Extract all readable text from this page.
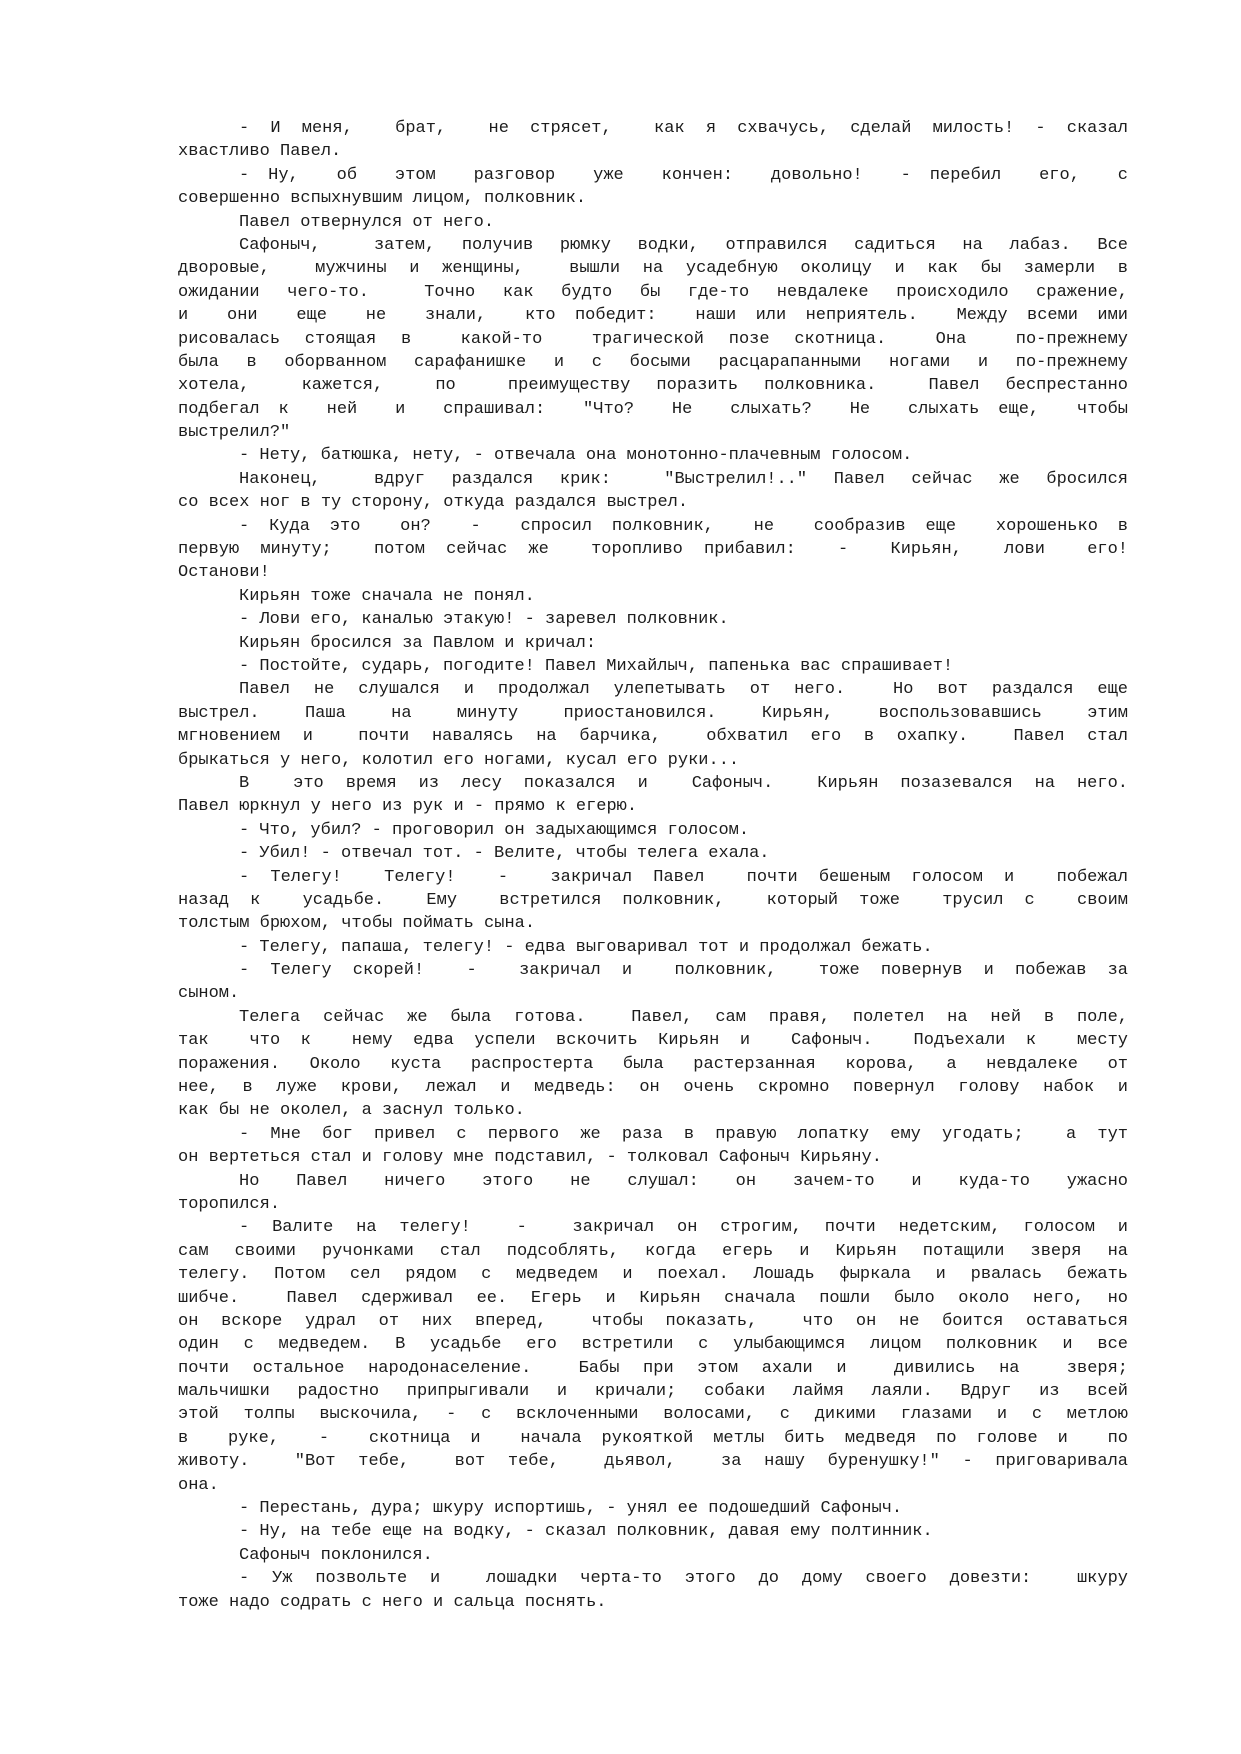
- И меня,  брат,  не стрясет,  как я схвачусь, сделай милость! - сказал
хвастливо Павел.
- Ну,  об  этом  разговор  уже  кончен:  довольно!  - перебил  его,  с
совершенно вспыхнувшим лицом, полковник.
Павел отвернулся от него.
Сафоныч,  затем, получив рюмку водки, отправился садиться на лабаз. Все
дворовые,  мужчины и женщины,  вышли на усадебную околицу и как бы замерли в
ожидании чего-то.  Точно как будто бы где-то невдалеке происходило сражение,
и  они  еще  не  знали,  кто победит:  наши или неприятель.  Между всеми ими
рисовалась стоящая в  какой-то  трагической позе скотница.  Она  по-прежнему
была в оборванном сарафанишке и с босыми расцарапанными ногами и по-прежнему
хотела,  кажется,  по  преимуществу поразить полковника.  Павел беспрестанно
подбегал к  ней  и  спрашивал:  "Что?  Не  слыхать?  Не  слыхать еще,  чтобы
выстрелил?"
- Нету, батюшка, нету, - отвечала она монотонно-плачевным голосом.
Наконец,  вдруг раздался крик:  "Выстрелил!.." Павел сейчас же бросился
со всех ног в ту сторону, откуда раздался выстрел.
- Куда это  он?  -  спросил полковник,  не  сообразив еще  хорошенько в
первую минуту;  потом сейчас же  торопливо прибавил:  -  Кирьян,  лови  его!
Останови!
Кирьян тоже сначала не понял.
- Лови его, каналью этакую! - заревел полковник.
Кирьян бросился за Павлом и кричал:
- Постойте, сударь, погодите! Павел Михайлыч, папенька вас спрашивает!
Павел не слушался и продолжал улепетывать от него.  Но вот раздался еще
выстрел.  Паша  на  минуту  приостановился.  Кирьян,  воспользовавшись  этим
мгновением и  почти навалясь на барчика,  обхватил его в охапку.  Павел стал
брыкаться у него, колотил его ногами, кусал его руки...
В  это время из лесу показался и  Сафоныч.  Кирьян позазевался на него.
Павел юркнул у него из рук и - прямо к егерю.
- Что, убил? - проговорил он задыхающимся голосом.
- Убил! - отвечал тот. - Велите, чтобы телега ехала.
- Телегу!  Телегу!  -  закричал Павел  почти бешеным голосом и  побежал
назад к  усадьбе.  Ему  встретился полковник,  который тоже  трусил с  своим
толстым брюхом, чтобы поймать сына.
- Телегу, папаша, телегу! - едва выговаривал тот и продолжал бежать.
- Телегу скорей!  -  закричал и  полковник,  тоже повернув и побежав за
сыном.
Телега сейчас же была готова.  Павел, сам правя, полетел на ней в поле,
так  что к  нему едва успели вскочить Кирьян и  Сафоныч.  Подъехали к  месту
поражения. Около куста распростерта была растерзанная корова, а невдалеке от
нее, в луже крови, лежал и медведь: он очень скромно повернул голову набок и
как бы не околел, а заснул только.
- Мне бог привел с первого же раза в правую лопатку ему угодать;  а тут
он вертеться стал и голову мне подставил, - толковал Сафоныч Кирьяну.
Но  Павел  ничего  этого  не  слушал:  он  зачем-то  и  куда-то  ужасно
торопился.
- Валите на телегу!  -  закричал он строгим, почти недетским, голосом и
сам своими ручонками стал подсоблять, когда егерь и Кирьян потащили зверя на
телегу. Потом сел рядом с медведем и поехал. Лошадь фыркала и рвалась бежать
шибче.  Павел сдерживал ее. Егерь и Кирьян сначала пошли было около него, но
он вскоре удрал от них вперед,  чтобы показать,  что он не боится оставаться
один с медведем. В усадьбе его встретили с улыбающимся лицом полковник и все
почти остальное народонаселение.  Бабы при этом ахали и  дивились на  зверя;
мальчишки радостно припрыгивали и кричали; собаки лаймя лаяли. Вдруг из всей
этой толпы выскочила, - с всклоченными волосами, с дикими глазами и с метлою
в  руке,  -  скотница и  начала рукояткой метлы бить медведя по голове и  по
животу.  "Вот тебе,  вот тебе,  дьявол,  за нашу буренушку!" - приговаривала
она.
- Перестань, дура; шкуру испортишь, - унял ее подошедший Сафоныч.
- Ну, на тебе еще на водку, - сказал полковник, давая ему полтинник.
Сафоныч поклонился.
- Уж позвольте и  лошадки черта-то этого до дому своего довезти:  шкуру
тоже надо содрать с него и сальца поснять.
